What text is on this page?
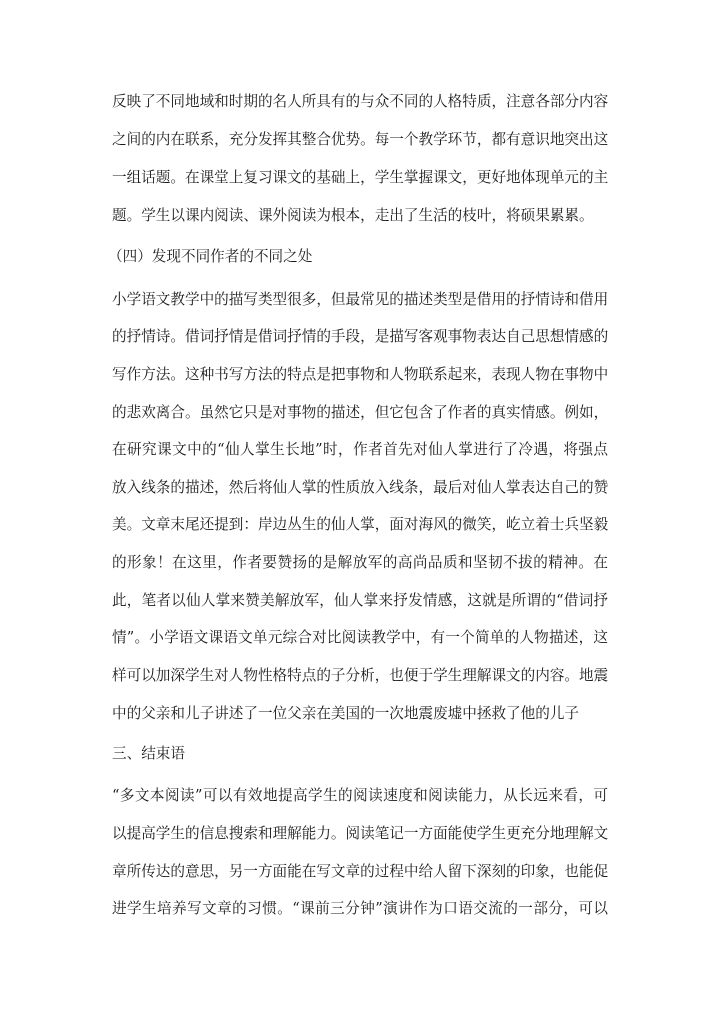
反映了不同地域和时期的名人所具有的与众不同的人格特质，注意各部分内容
之间的内在联系，充分发挥其整合优势。每一个教学环节，都有意识地突出这
一组话题。在课堂上复习课文的基础上，学生掌握课文，更好地体现单元的主
题。学生以课内阅读、课外阅读为根本，走出了生活的枝叶，将硕果累累。
（四）发现不同作者的不同之处
小学语文教学中的描写类型很多，但最常见的描述类型是借用的抒情诗和借用
的抒情诗。借词抒情是借词抒情的手段，是描写客观事物表达自己思想情感的
写作方法。这种书写方法的特点是把事物和人物联系起来，表现人物在事物中
的悲欢离合。虽然它只是对事物的描述，但它包含了作者的真实情感。例如，
在研究课文中的“仙人掌生长地”时，作者首先对仙人掌进行了冷遇，将强点
放入线条的描述，然后将仙人掌的性质放入线条，最后对仙人掌表达自己的赞
美。文章末尾还提到：岸边丛生的仙人掌，面对海风的微笑，屹立着士兵坚毅
的形象！在这里，作者要赞扬的是解放军的高尚品质和坚韧不拔的精神。在
此，笔者以仙人掌来赞美解放军，仙人掌来抒发情感，这就是所谓的“借词抒
情”。小学语文课语文单元综合对比阅读教学中，有一个简单的人物描述，这
样可以加深学生对人物性格特点的子分析，也便于学生理解课文的内容。地震
中的父亲和儿子讲述了一位父亲在美国的一次地震废墟中拯救了他的儿子
三、结束语
“多文本阅读”可以有效地提高学生的阅读速度和阅读能力，从长远来看，可
以提高学生的信息搜索和理解能力。阅读笔记一方面能使学生更充分地理解文
章所传达的意思，另一方面能在写文章的过程中给人留下深刻的印象，也能促
进学生培养写文章的习惯。“课前三分钟”演讲作为口语交流的一部分，可以
